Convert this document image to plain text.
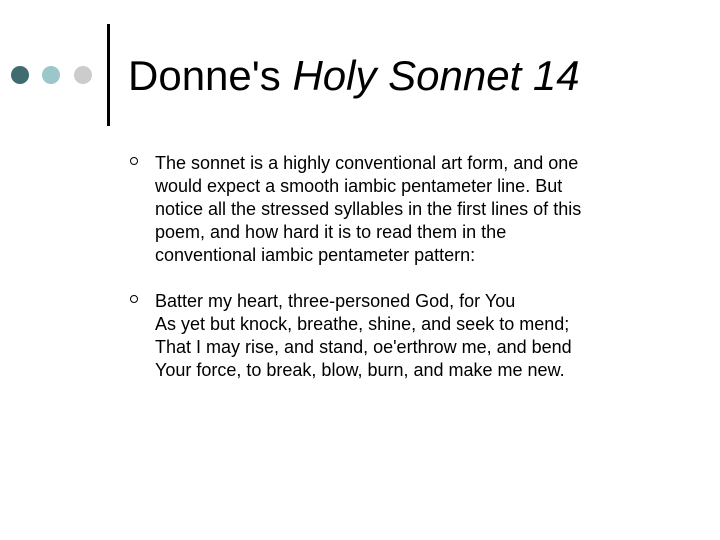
Donne's Holy Sonnet 14
The sonnet is a highly conventional art form, and one
would expect a smooth iambic pentameter line. But
notice all the stressed syllables in the first lines of this
poem, and how hard it is to read them in the
conventional iambic pentameter pattern:
Batter my heart, three-personed God, for You
As yet but knock, breathe, shine, and seek to mend;
That I may rise, and stand, oe'erthrow me, and bend
Your force, to break, blow, burn, and make me new.
